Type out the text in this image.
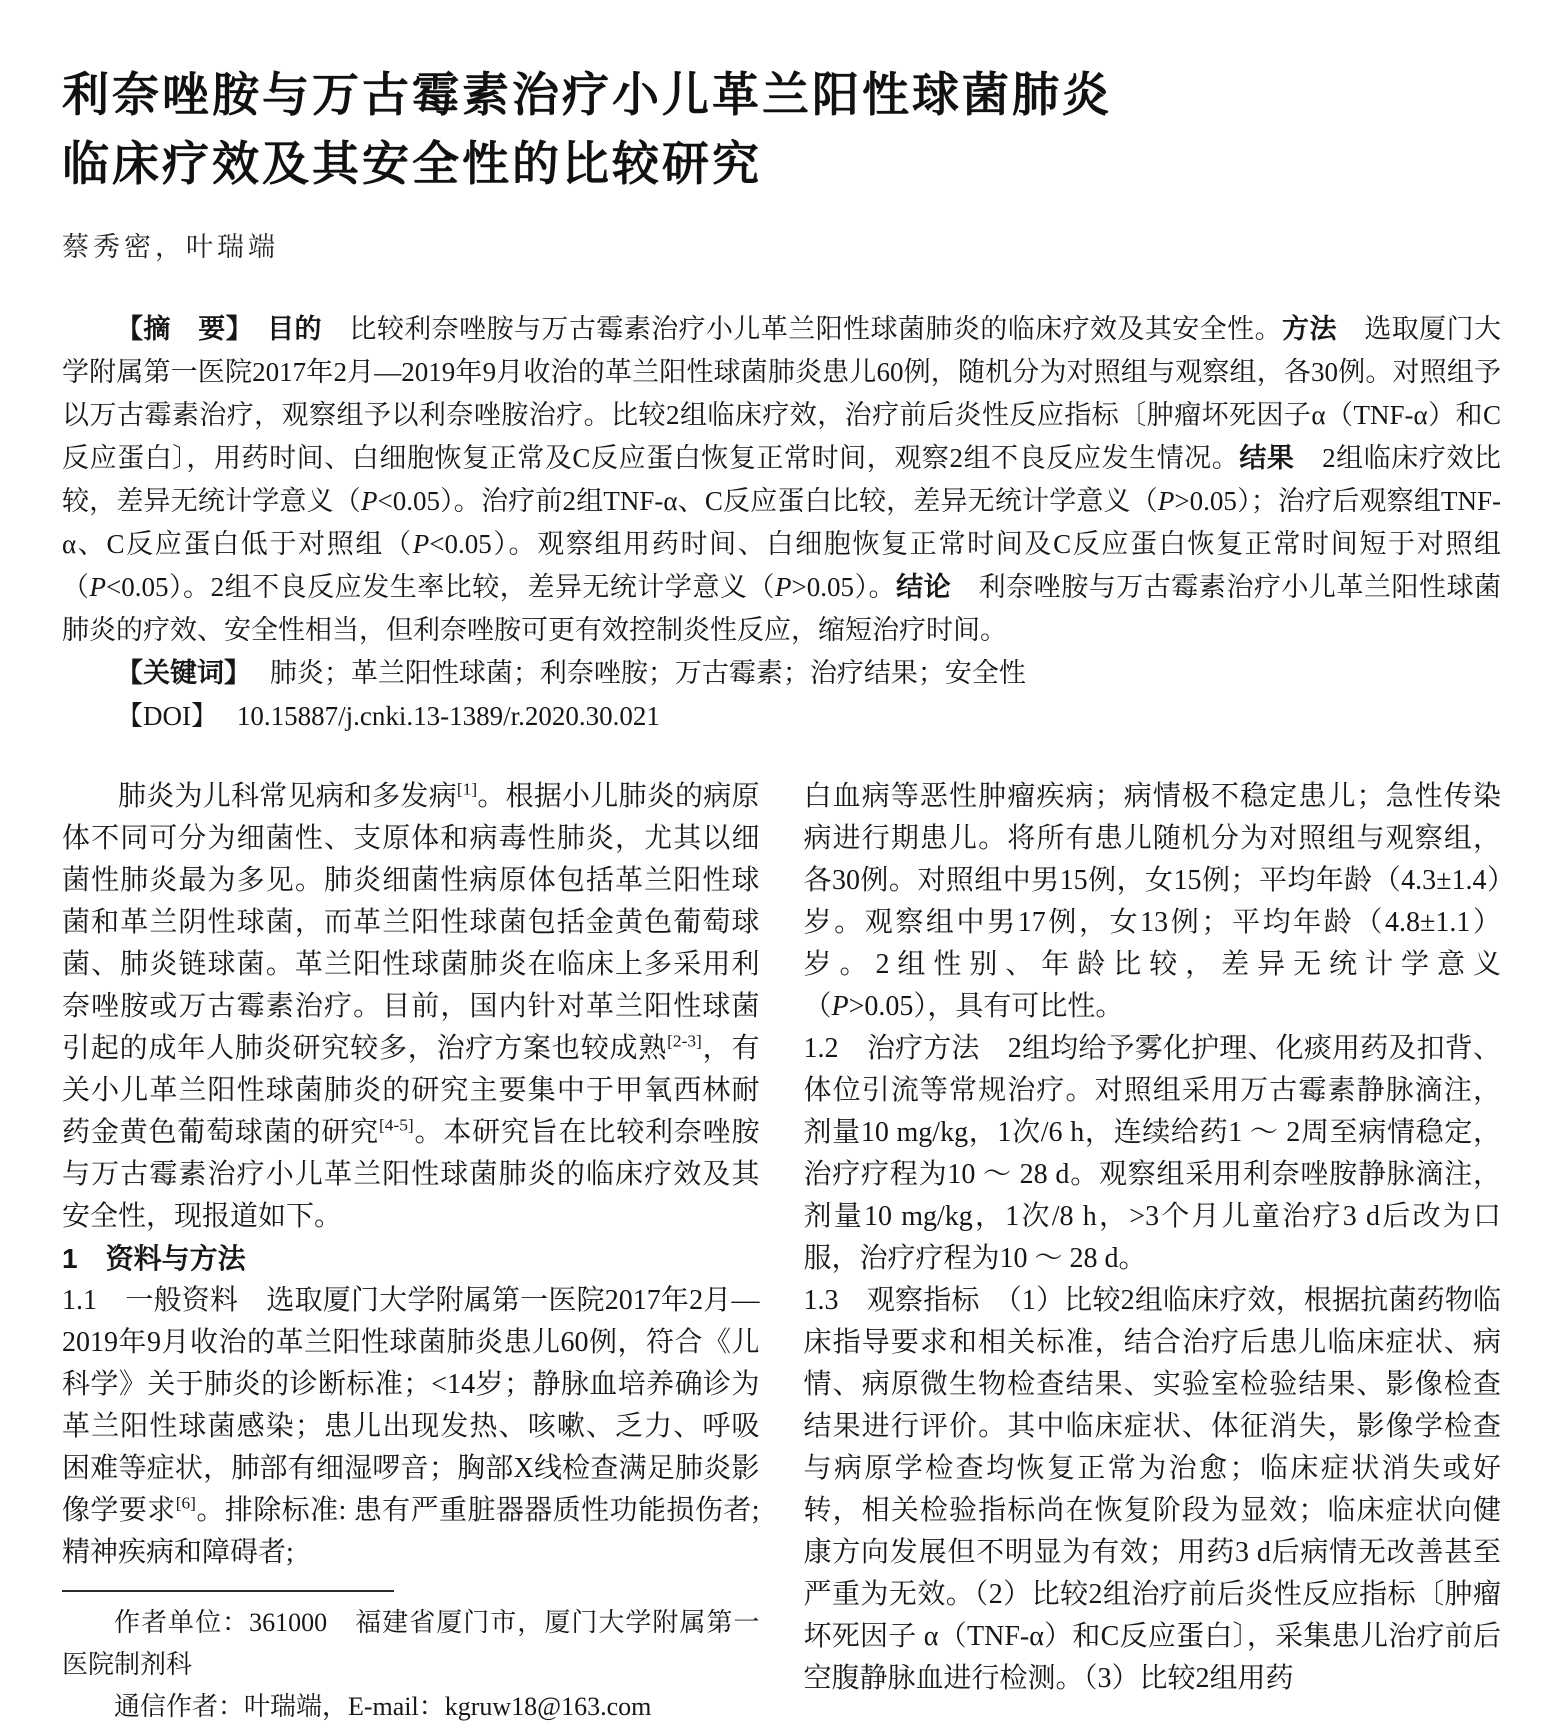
利奈唑胺与万古霉素治疗小儿革兰阳性球菌肺炎
临床疗效及其安全性的比较研究
蔡秀密，叶瑞端

【摘　要】　目的　比较利奈唑胺与万古霉素治疗小儿革兰阳性球菌肺炎的临床疗效及其安全性。方法　选取厦门大学附属第一医院2017年2月—2019年9月收治的革兰阳性球菌肺炎患儿60例，随机分为对照组与观察组，各30例。对照组予以万古霉素治疗，观察组予以利奈唑胺治疗。比较2组临床疗效，治疗前后炎性反应指标〔肿瘤坏死因子α（TNF-α）和C反应蛋白〕，用药时间、白细胞恢复正常及C反应蛋白恢复正常时间，观察2组不良反应发生情况。结果　2组临床疗效比较，差异无统计学意义（P<0.05）。治疗前2组TNF-α、C反应蛋白比较，差异无统计学意义（P>0.05）；治疗后观察组TNF-α、C反应蛋白低于对照组（P<0.05）。观察组用药时间、白细胞恢复正常时间及C反应蛋白恢复正常时间短于对照组（P<0.05）。2组不良反应发生率比较，差异无统计学意义（P>0.05）。结论　利奈唑胺与万古霉素治疗小儿革兰阳性球菌肺炎的疗效、安全性相当，但利奈唑胺可更有效控制炎性反应，缩短治疗时间。

【关键词】 肺炎；革兰阳性球菌；利奈唑胺；万古霉素；治疗结果；安全性

【DOI】 10.15887/j.cnki.13-1389/r.2020.30.021

肺炎为儿科常见病和多发病[1]。根据小儿肺炎的病原体不同可分为细菌性、支原体和病毒性肺炎，尤其以细菌性肺炎最为多见。肺炎细菌性病原体包括革兰阳性球菌和革兰阴性球菌，而革兰阳性球菌包括金黄色葡萄球菌、肺炎链球菌。革兰阳性球菌肺炎在临床上多采用利奈唑胺或万古霉素治疗。目前，国内针对革兰阳性球菌引起的成年人肺炎研究较多，治疗方案也较成熟[2-3]，有关小儿革兰阳性球菌肺炎的研究主要集中于甲氧西林耐药金黄色葡萄球菌的研究[4-5]。本研究旨在比较利奈唑胺与万古霉素治疗小儿革兰阳性球菌肺炎的临床疗效及其安全性，现报道如下。

1　资料与方法

1.1　一般资料　选取厦门大学附属第一医院2017年2月—2019年9月收治的革兰阳性球菌肺炎患儿60例，符合《儿科学》关于肺炎的诊断标准；<14岁；静脉血培养确诊为革兰阳性球菌感染；患儿出现发热、咳嗽、乏力、呼吸困难等症状，肺部有细湿啰音；胸部X线检查满足肺炎影像学要求[6]。排除标准: 患有严重脏器器质性功能损伤者; 精神疾病和障碍者;

作者单位：361000　福建省厦门市，厦门大学附属第一医院制剂科

通信作者：叶瑞端，E-mail：kgruw18@163.com

白血病等恶性肿瘤疾病；病情极不稳定患儿；急性传染病进行期患儿。将所有患儿随机分为对照组与观察组，各30例。对照组中男15例，女15例；平均年龄（4.3±1.4）岁。观察组中男17例，女13例；平均年龄（4.8±1.1）岁。2组性别、年龄比较，差异无统计学意义（P>0.05），具有可比性。

1.2　治疗方法　2组均给予雾化护理、化痰用药及扣背、体位引流等常规治疗。对照组采用万古霉素静脉滴注，剂量10 mg/kg，1次/6 h，连续给药1 ～ 2周至病情稳定，治疗疗程为10 ～ 28 d。观察组采用利奈唑胺静脉滴注，剂量10 mg/kg，1次/8 h，>3个月儿童治疗3 d后改为口服，治疗疗程为10 ～ 28 d。

1.3　观察指标　（1）比较2组临床疗效，根据抗菌药物临床指导要求和相关标准，结合治疗后患儿临床症状、病情、病原微生物检查结果、实验室检验结果、影像检查结果进行评价。其中临床症状、体征消失，影像学检查与病原学检查均恢复正常为治愈；临床症状消失或好转，相关检验指标尚在恢复阶段为显效；临床症状向健康方向发展但不明显为有效；用药3 d后病情无改善甚至严重为无效。（2）比较2组治疗前后炎性反应指标〔肿瘤坏死因子 α（TNF-α）和C反应蛋白〕，采集患儿治疗前后空腹静脉血进行检测。（3）比较2组用药
